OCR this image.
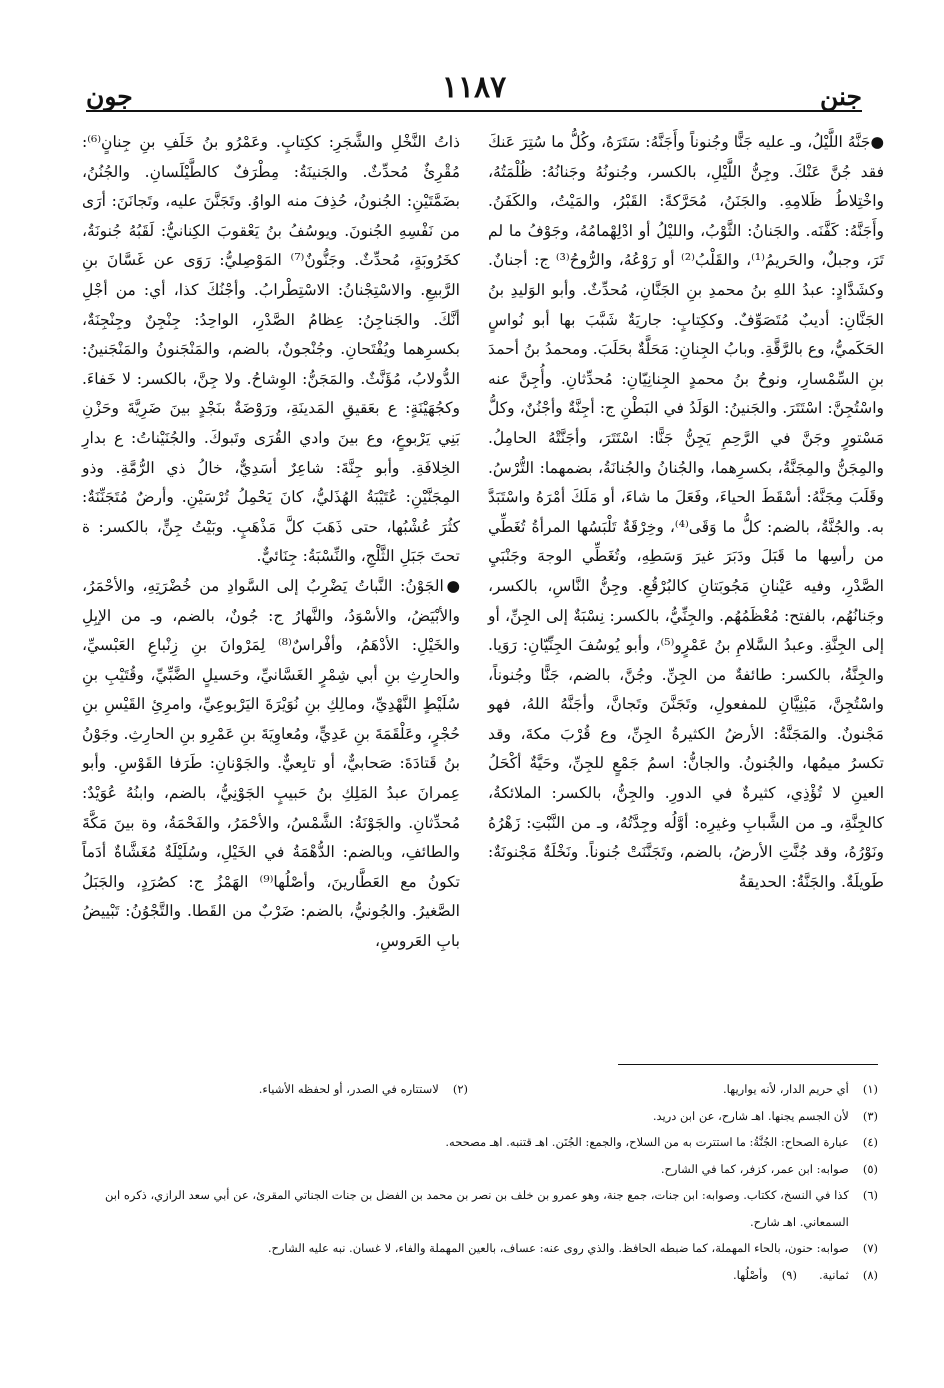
جنن
١١٨٧
جون

●جَنَّهُ اللَّيْلُ، وـ عليه جَنًّا وجُنوناً وأَجَنَّهُ: سَتَرَهُ، وكُلُّ ما سُتِرَ عَنكَ فقد جُنَّ عَنْكَ. وجِنُّ اللَّيْلِ، بالكسر، وجُنونُهُ وجَنانُهُ: ظُلْمَتُهُ، واخْتِلاطُ ظَلامِهِ. والجَنَنُ، مُحَرَّكةً: القَبْرُ، والمَيْتُ، والكَفَنُ. وأَجَنَّهُ: كَفَّنَه. والجَنانُ: الثَّوْبُ، والليْلُ أو ادْلِهْمامُهُ، وجَوْفُ ما لم تَرَ، وجبلٌ، والحَريمُ⁽¹⁾، والقَلْبُ⁽²⁾ أو رَوْعُهُ، والرُّوحُ⁽³⁾ ج: أجنانٌ. وكشَدَّادٍ: عبدُ اللهِ بنُ محمدِ بنِ الجَنَّانِ، مُحدِّثٌ. وأبو الوَليدِ بنُ الجَنَّانِ: أديبٌ مُتَصَوِّفٌ. وككِتابٍ: جاريَةٌ شَبَّبَ بها أبو نُواسٍ الحَكَميُّ، وع بالرَّقَّةِ. وبابُ الجِنانِ: مَحَلَّةٌ بحَلَبَ. ومحمدُ بنُ أحمدَ بنِ السِّمْسارِ، ونوحُ بنُ محمدٍ الجِنانِيّانِ: مُحدِّثانِ. وأُجِنَّ عنه واسْتُجِنَّ: اسْتَتَرَ. والجَنينُ: الوَلَدُ في البَطْنِ ج: أجِنَّةٌ وأجْنُنٌ، وكلُّ مَسْتورٍ وجَنَّ في الرَّحِمِ يَجِنُّ جَنًّا: اسْتَتَرَ، وأجَنَّتْهُ الحامِلُ. والمِجَنُّ والمِجَنَّةُ، بكسرِهما، والجُنانُ والجُنانَةُ، بضمهما: التُّرْسُ. وقَلَبَ مِجَنَّهُ: أسْقَطَ الحياءَ، وفَعَلَ ما شاءَ، أو مَلَكَ أمْرَهُ واسْتَبَدَّ به. والجُنَّةُ، بالضم: كلُّ ما وَقَى⁽⁴⁾، وخِرْقَةٌ تَلْبَسُها المرأةُ تُغَطِّي من رأسِها ما قَبَلَ ودَبَرَ غيرَ وَسَطِهِ، وتُغَطِّي الوجهَ وجَنْبَيِ الصَّدْرِ، وفيه عَيْنانِ مَجُوبَتانِ كالبُرْقُعِ. وجِنُّ النَّاسِ، بالكسر، وجَنانُهُم، بالفتح: مُعْظَمُهُم. والجِنِّيُّ، بالكسر: نِسْبَةٌ إلى الجِنِّ، أو إلى الجِنَّةِ. وعبدُ السَّلامِ بنُ عَمْرٍو⁽⁵⁾، وأبو يُوسُفَ الجِنِّيّانِ: رَوَيا. والجِنَّةُ، بالكسر: طائفةٌ من الجِنِّ. وجُنَّ، بالضم، جَنًّا وجُنوناً، واسْتُجِنَّ، مَبْنِيَّانِ للمفعولِ، وتَجَنَّنَ وتَجانَّ، وأجَنَّهُ اللهُ، فهو مَجْنونٌ. والمَجَنَّةُ: الأرضُ الكثيرةُ الجِنِّ، وع قُرْبَ مكةَ، وقد تكسرُ ميمُها، والجُنونُ. والجانُّ: اسمُ جَمْعٍ للجِنِّ، وحَيَّةٌ أكْحَلُ العينِ لا تُؤْذِي، كثيرةٌ في الدورِ. والجِنُّ، بالكسر: الملائكةُ، كالجِنَّةِ، وـ من الشَّبابِ وغيرِه: أوَّلُه وجِدَّتُهُ، وـ من النَّبْتِ: زَهْرُهُ ونَوْرُهُ، وقد جُنَّتِ الأرضُ، بالضم، وتَجَنَّنَتْ جُنوناً. ونَخْلَةٌ مَجْنونَةٌ: طَويلَةٌ. والجَنَّةُ: الحديقةُ

ذاتُ النَّخْلِ والشَّجَرِ: ككِتابٍ. وعَمْرُو بنُ خَلَفِ بنِ جِنانٍ⁽⁶⁾: مُقْرِئٌ مُحدِّثٌ. والجَنينَةُ: مِطْرَفٌ كالطَّيْلَسانِ. والجُنُنُ، بضَمَّتَيْنِ: الجُنونُ، حُذِفَ منه الواوُ. وتَجَنَّنَ عليه، وتَجانَنَ: أرَى من نَفْسِهِ الجُنونَ. ويوسُفُ بنُ يَعْقوبَ الكِنانيُّ: لَقَبُهُ جُنونَةُ، كخَرُوبَةٍ، مُحدِّثٌ. وجَنُّونٌ⁽⁷⁾ المَوْصِليُّ: رَوَى عن غَسَّانَ بنِ الرَّبيعِ. والاسْتِجْنانُ: الاسْتِطْرابُ. وأجْنُكَ كذا، أي: من أجْلِ أنَّكَ. والجَناجِنُ: عِظامُ الصَّدْرِ، الواحِدُ: جِنْجِنٌ وجِنْجِنَةٌ، بكسرِهما ويُفْتَحانِ. وجُنْجونٌ، بالضم، والمَنْجَنونُ والمَنْجَنينُ: الدُّولابُ، مُؤَنَّثٌ. والمَجَنُّ: الوِشاحُ. ولا جِنَّ، بالكسر: لا خَفاءَ. وكجُهَيْنَةٍ: ع بعَقيقِ المَدينَةِ، ورَوْضَةٌ بنَجْدٍ بينَ ضَرِيَّةَ وحَزْنِ بَنِي يَرْبوعٍ، وع بينَ وادي القُرَى وتَبوكَ. والجُنَيْناتُ: ع بدارِ الخِلافَةِ. وأبو جِنَّةَ: شاعِرٌ أسَدِيٌّ، خالُ ذي الرُّمَّةِ. وذو المِجَنَّيْنِ: عُتَيْبَةُ الهُذَليُّ، كانَ يَحْمِلُ تُرْسَيْنِ. وأرضٌ مُتَجَنِّنَةٌ: كثُرَ عُشْبُها، حتى ذَهَبَ كلَّ مَذْهَبٍ. وبَيْتُ جِنٍّ، بالكسر: ة تحتَ جَبَلِ الثَّلْجِ، والنِّسْبَةُ: جِنَائيٌّ.

●الجَوْنُ: النَّباتُ يَضْرِبُ إلى السَّوادِ من خُضْرَتِهِ، والأحْمَرُ، والأبْيَضُ، والأسْوَدُ، والنَّهارُ ج: جُونٌ، بالضم، وـ من الإبِلِ والخَيْلِ: الأدْهَمُ، وأفْراسٌ⁽⁸⁾ لِمَرْوانَ بنِ زِنْباعِ العَبْسيِّ، والحارِثِ بنِ أبي شِمْرٍ الغَسَّانيِّ، وحَسيلٍ الضَّبِّيِّ، وقُتَيْبِ بنِ سُلَيْطٍ النَّهْدِيِّ، ومالِكِ بنِ نُوَيْرَةَ اليَرْبوعِيِّ، وامرِئِ القَيْسِ بنِ حُجْرٍ، وعَلْقَمَةَ بنِ عَدِيٍّ، ومُعاوِيَةَ بنِ عَمْرِو بنِ الحارِثِ. وجَوْنُ بنُ قَتادَةَ: صَحابيٌّ، أو تابِعيٌّ. والجَوْنانِ: طَرَفا القَوْسِ. وأبو عِمرانَ عبدُ المَلِكِ بنُ حَبيبٍ الجَوْنِيُّ، بالضم، وابنُهُ عُوَيْدٌ: مُحدِّثانِ. والجَوْنَةُ: الشَّمْسُ، والأحْمَرُ، والفَحْمَةُ، وة بينَ مَكَّةَ والطائفِ، وبالضم: الدُّهْمَةُ في الخَيْلِ، وسُلَيْلَةٌ مُغَشَّاةٌ أدَماً تكونُ مع العَطَّارينَ، وأصْلُها⁽⁹⁾ الهَمْزُ ج: كصُرَدٍ، والجَبَلُ الصَّغيرُ. والجُونيُّ، بالضم: ضَرْبٌ من القَطا. والتَّجْوُنُ: تَبْييضُ بابِ العَروسِ،

(١)
أي حريم الدار، لأنه يواريها.
(٢)
لاستتاره في الصدر، أو لحفظه الأشياء.
(٣)
لأن الجسم يجنها. اهـ شارح، عن ابن دريد.
(٤)
عبارة الصحاح: الجُنَّةُ: ما استترت به من السلاح، والجمع: الجُنَن. اهـ قتنبه. اهـ مصححه.
(٥)
صوابه: ابن عمر، كزفر، كما في الشارح.
(٦)
كذا في النسخ، ككتاب. وصوابه: ابن جنات، جمع جنة، وهو عمرو بن خلف بن نصر بن محمد بن الفضل بن جنات الجناتي المقرئ، عن أبي سعد الرازي، ذكره ابن السمعاني. اهـ شارح.
(٧)
صوابه: حنون، بالحاء المهملة، كما ضبطه الحافظ. والذي روى عنه: عساف، بالعين المهملة والفاء، لا غسان. نبه عليه الشارح.
(٨)
ثمانية.
(٩)
وأصْلُها.
